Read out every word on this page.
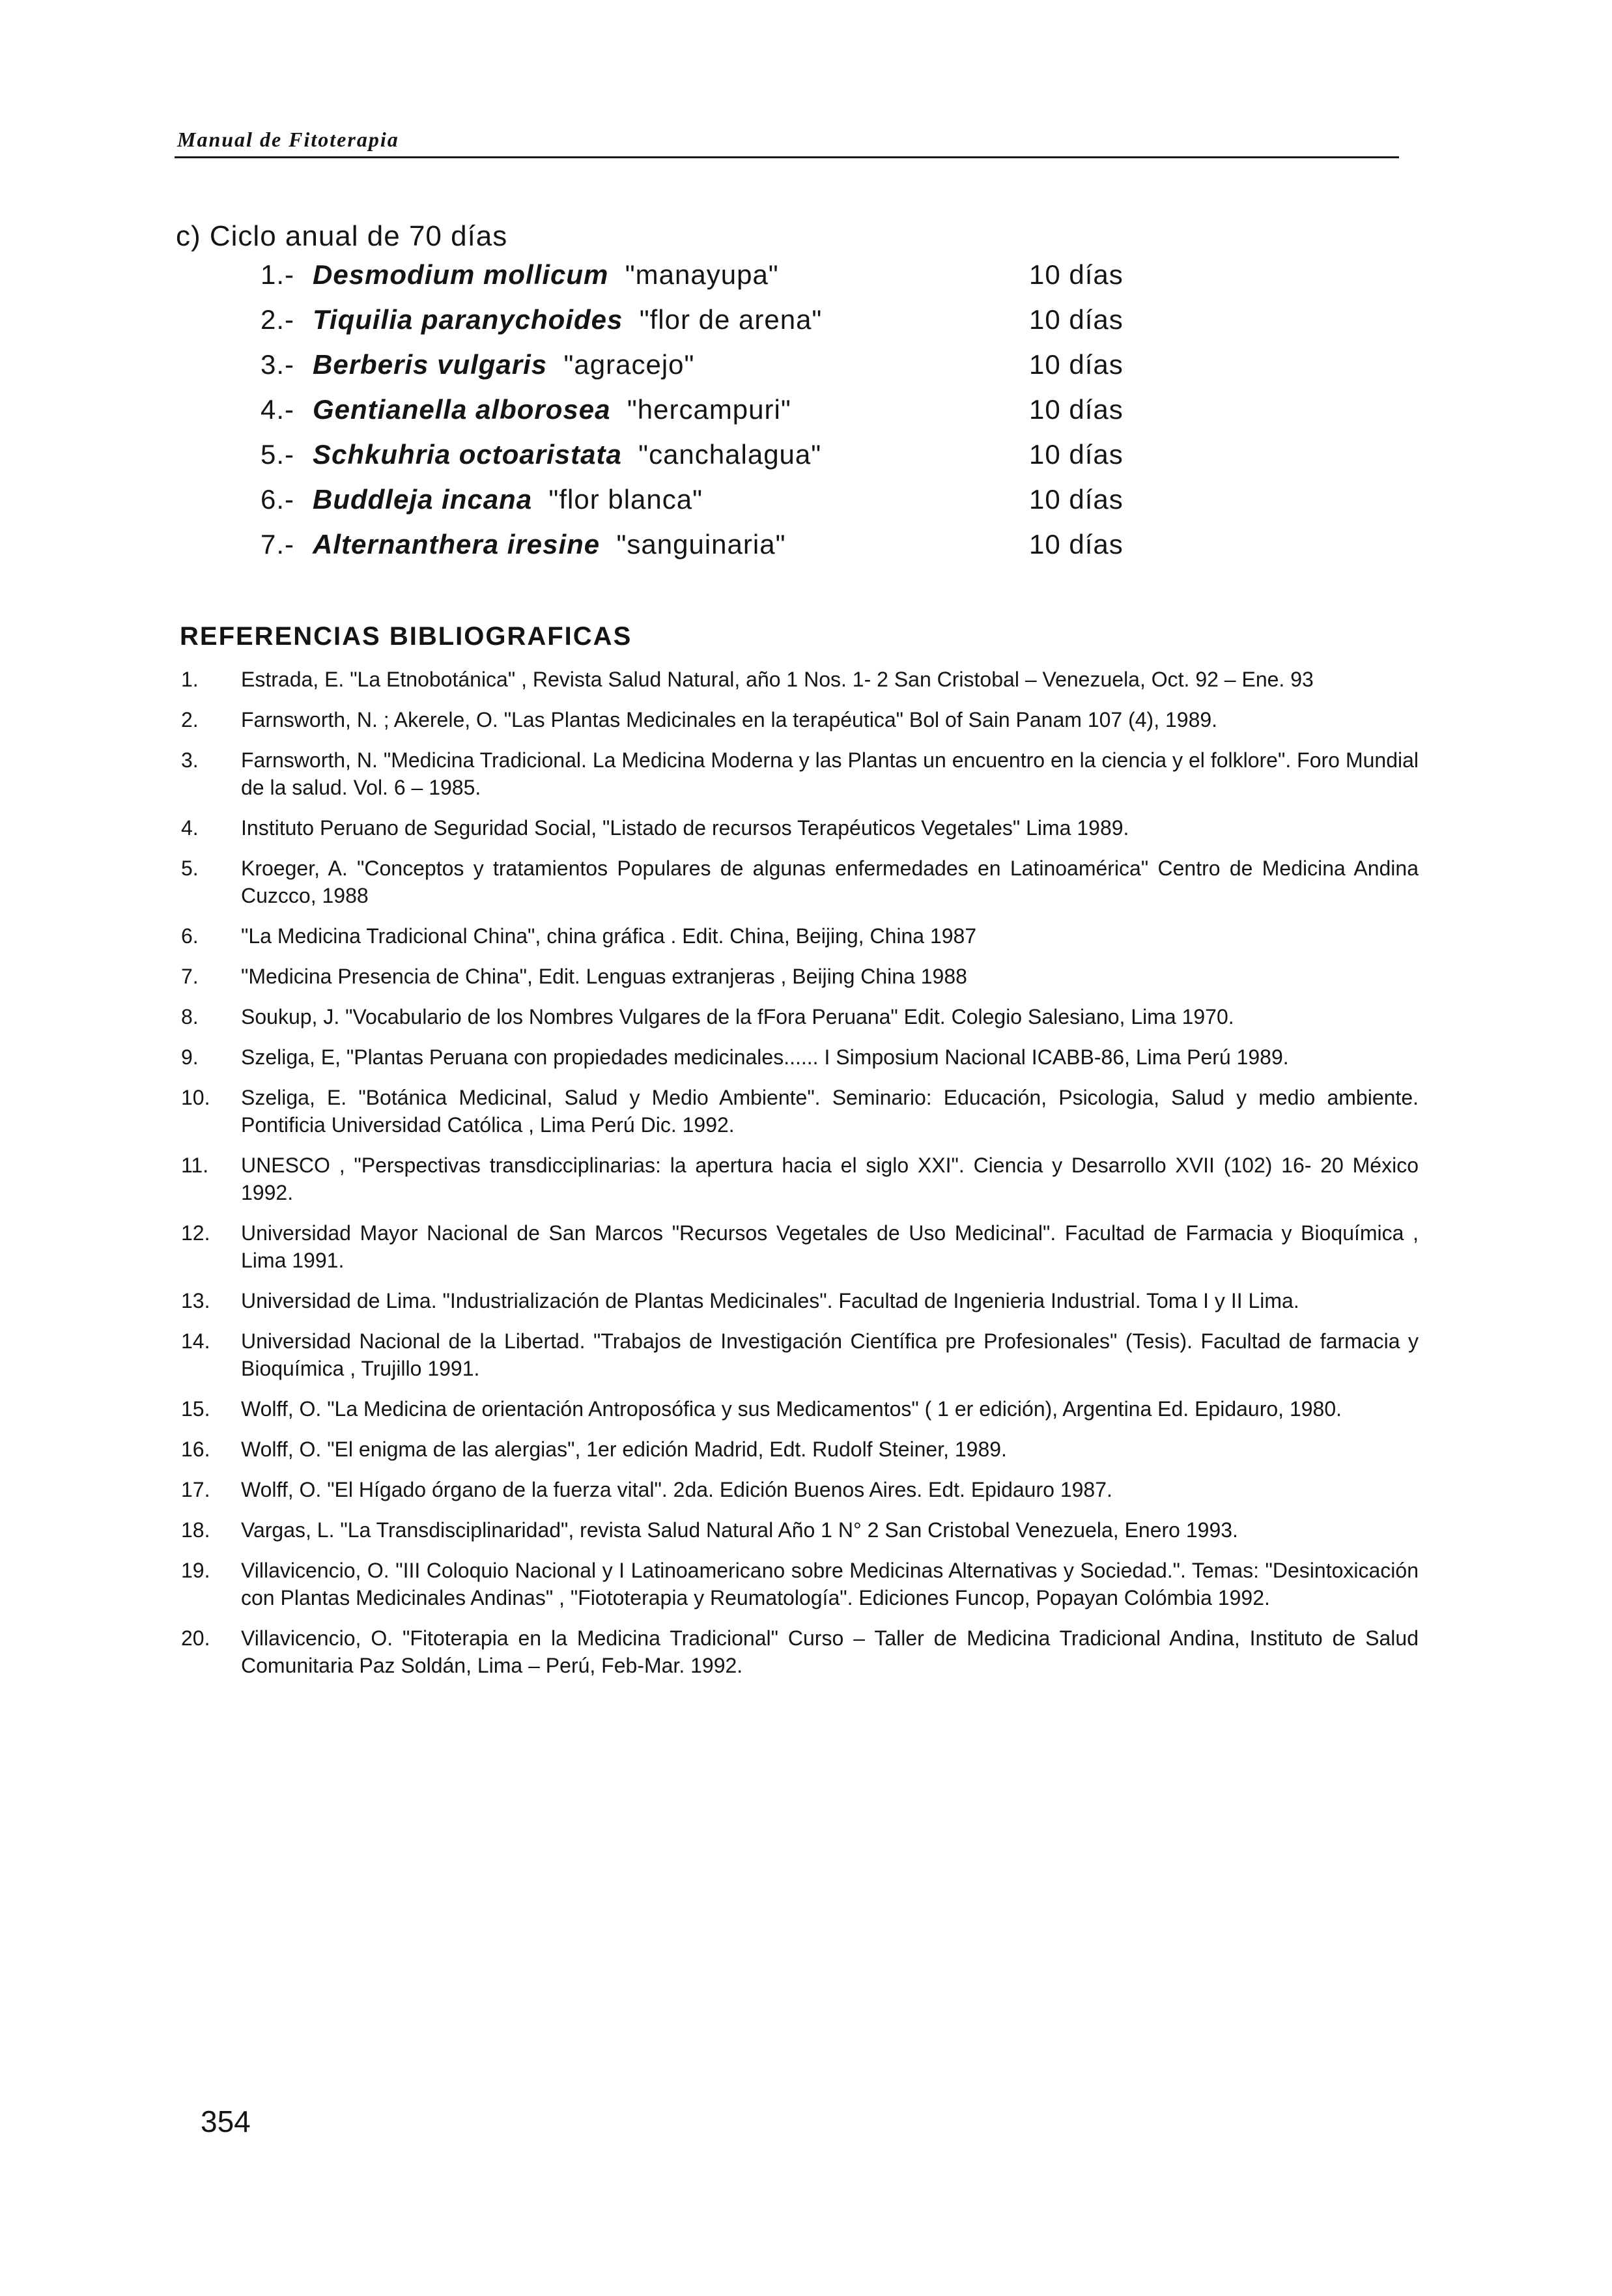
Manual de Fitoterapia
c) Ciclo anual de 70 días
1.- Desmodium mollicum "manayupa"	10 días
2.- Tiquilia paranychoides "flor de arena"	10 días
3.- Berberis vulgaris "agracejo"	10 días
4.- Gentianella alborosea "hercampuri"	10 días
5.- Schkuhria octoaristata "canchalagua"	10 días
6.- Buddleja incana "flor blanca"	10 días
7.- Alternanthera iresine "sanguinaria"	10 días
REFERENCIAS BIBLIOGRAFICAS
1.	Estrada, E. "La Etnobotánica" , Revista Salud Natural, año 1 Nos. 1- 2 San Cristobal – Venezuela, Oct. 92 – Ene. 93
2.	Farnsworth, N. ; Akerele, O. "Las Plantas Medicinales en la terapéutica" Bol of Sain Panam 107 (4), 1989.
3.	Farnsworth, N. "Medicina Tradicional. La Medicina Moderna y las Plantas un encuentro en la ciencia y el folklore". Foro Mundial de la salud. Vol. 6 – 1985.
4.	Instituto Peruano de Seguridad Social, "Listado de recursos Terapéuticos Vegetales" Lima 1989.
5.	Kroeger, A. "Conceptos y tratamientos Populares de algunas enfermedades en Latinoamérica" Centro de Medicina Andina Cuzcco, 1988
6.	"La Medicina Tradicional China", china gráfica . Edit. China, Beijing, China 1987
7.	"Medicina Presencia de China", Edit. Lenguas extranjeras , Beijing China 1988
8.	Soukup, J. "Vocabulario de los Nombres Vulgares de la fFora Peruana" Edit. Colegio Salesiano, Lima 1970.
9.	Szeliga, E, "Plantas Peruana con propiedades medicinales...... I Simposium Nacional ICABB-86, Lima Perú 1989.
10.	Szeliga, E. "Botánica Medicinal, Salud y Medio Ambiente". Seminario: Educación, Psicologia, Salud y medio ambiente. Pontificia Universidad Católica , Lima Perú Dic. 1992.
11.	UNESCO , "Perspectivas transdicciplinarias: la apertura hacia el siglo XXI". Ciencia y Desarrollo XVII (102) 16- 20 México 1992.
12.	Universidad Mayor Nacional de San Marcos "Recursos Vegetales de Uso Medicinal". Facultad de Farmacia y Bioquímica , Lima 1991.
13.	Universidad de Lima. "Industrialización de Plantas Medicinales". Facultad de Ingenieria Industrial. Toma I y II Lima.
14.	Universidad Nacional de la Libertad. "Trabajos de Investigación Científica pre Profesionales" (Tesis). Facultad de farmacia y Bioquímica , Trujillo 1991.
15.	Wolff, O. "La Medicina de orientación Antroposófica y sus Medicamentos" ( 1 er edición), Argentina Ed. Epidauro, 1980.
16.	Wolff, O. "El enigma de las alergias", 1er edición Madrid, Edt. Rudolf Steiner, 1989.
17.	Wolff, O. "El Hígado órgano de la fuerza vital". 2da. Edición Buenos Aires. Edt. Epidauro 1987.
18.	Vargas, L. "La Transdisciplinaridad", revista Salud Natural Año 1 N° 2 San Cristobal Venezuela, Enero 1993.
19.	Villavicencio, O. "III Coloquio Nacional y I Latinoamericano sobre Medicinas Alternativas y Sociedad.". Temas: "Desintoxicación con Plantas Medicinales Andinas" , "Fiototerapia y Reumatología". Ediciones Funcop, Popayan Colómbia 1992.
20.	Villavicencio, O. "Fitoterapia en la Medicina Tradicional" Curso – Taller de Medicina Tradicional Andina, Instituto de Salud Comunitaria Paz Soldán, Lima – Perú, Feb-Mar. 1992.
354
